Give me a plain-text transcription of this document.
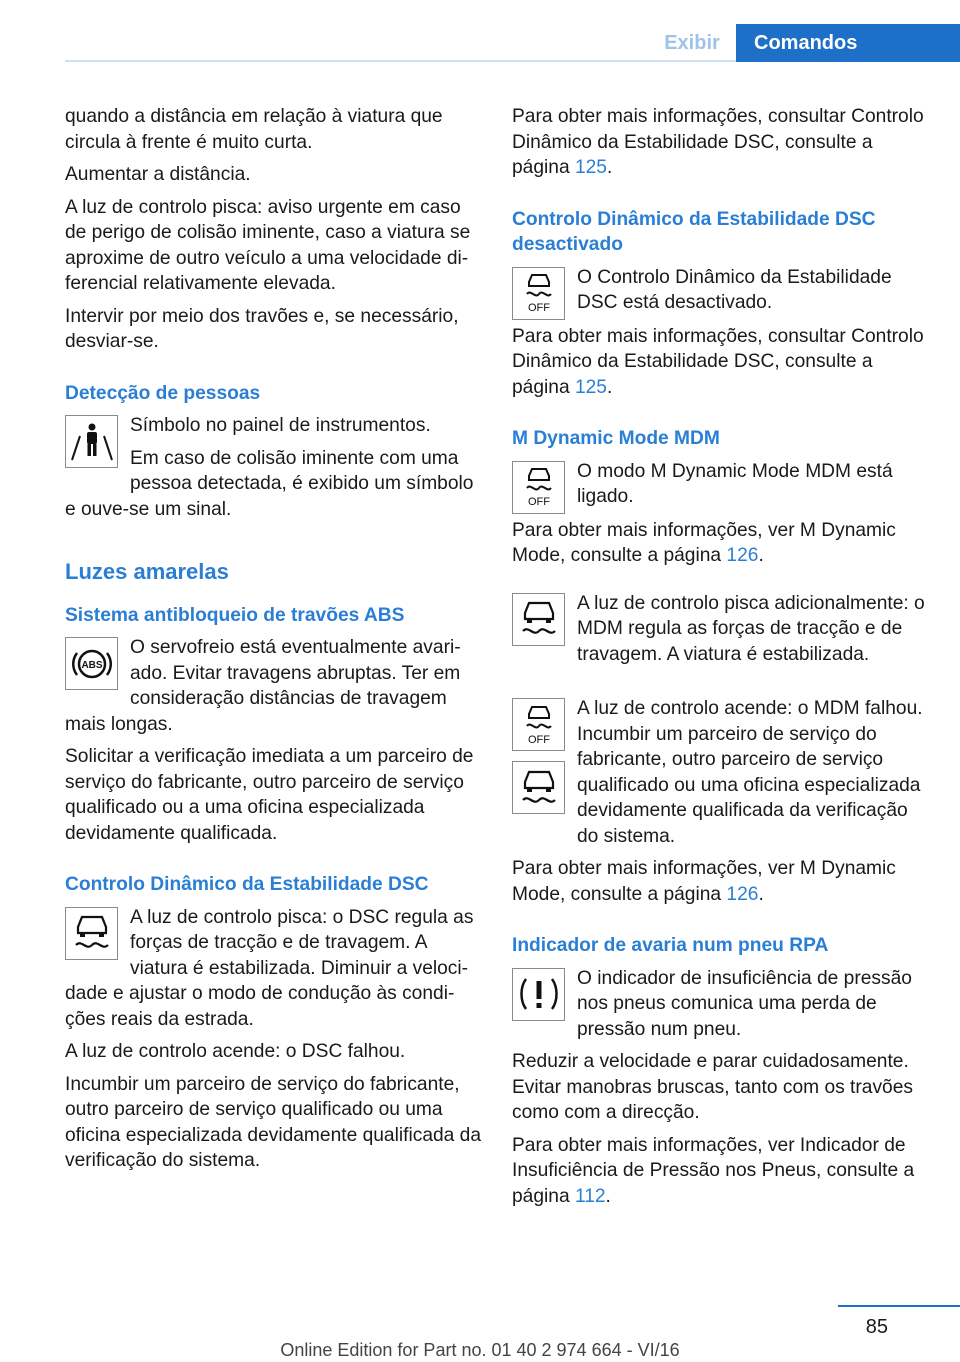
Exibir	Comandos

quando a distância em relação à viatura que circula à frente é muito curta.

Aumentar a distância.

A luz de controlo pisca: aviso urgente em caso de perigo de colisão iminente, caso a viatura se aproxime de outro veículo a uma velocidade diferencial relativamente elevada.

Intervir por meio dos travões e, se necessário, desviar-se.

Detecção de pessoas

Símbolo no painel de instrumentos.

Em caso de colisão iminente com uma pessoa detectada, é exibido um símbolo e ouve-se um sinal.

Luzes amarelas
Sistema antibloqueio de travões ABS
ABS

O servofreio está eventualmente avariado. Evitar travagens abruptas. Ter em consideração distâncias de travagem mais longas.

Solicitar a verificação imediata a um parceiro de serviço do fabricante, outro parceiro de serviço qualificado ou a uma oficina especializada devidamente qualificada.

Controlo Dinâmico da Estabilidade DSC

A luz de controlo pisca: o DSC regula as forças de tracção e de travagem. A viatura é estabilizada. Diminuir a velocidade e ajustar o modo de condução às condições reais da estrada.

A luz de controlo acende: o DSC falhou.

Incumbir um parceiro de serviço do fabricante, outro parceiro de serviço qualificado ou uma oficina especializada devidamente qualificada da verificação do sistema.

Para obter mais informações, consultar Controlo Dinâmico da Estabilidade DSC, consulte a página 125.

Controlo Dinâmico da Estabilidade DSC desactivado
OFF

O Controlo Dinâmico da Estabilidade DSC está desactivado.

Para obter mais informações, consultar Controlo Dinâmico da Estabilidade DSC, consulte a página 125.

M Dynamic Mode MDM
OFF

O modo M Dynamic Mode MDM está ligado.

Para obter mais informações, ver M Dynamic Mode, consulte a página 126.

A luz de controlo pisca adicionalmente: o MDM regula as forças de tracção e de travagem. A viatura é estabilizada.

OFF

A luz de controlo acende: o MDM falhou. Incumbir um parceiro de serviço do fabricante, outro parceiro de serviço qualificado ou uma oficina especializada devidamente qualificada da verificação do sistema.

Para obter mais informações, ver M Dynamic Mode, consulte a página 126.

Indicador de avaria num pneu RPA

O indicador de insuficiência de pressão nos pneus comunica uma perda de pressão num pneu.

Reduzir a velocidade e parar cuidadosamente. Evitar manobras bruscas, tanto com os travões como com a direcção.

Para obter mais informações, ver Indicador de Insuficiência de Pressão nos Pneus, consulte a página 112.

85
Online Edition for Part no. 01 40 2 974 664 - VI/16
